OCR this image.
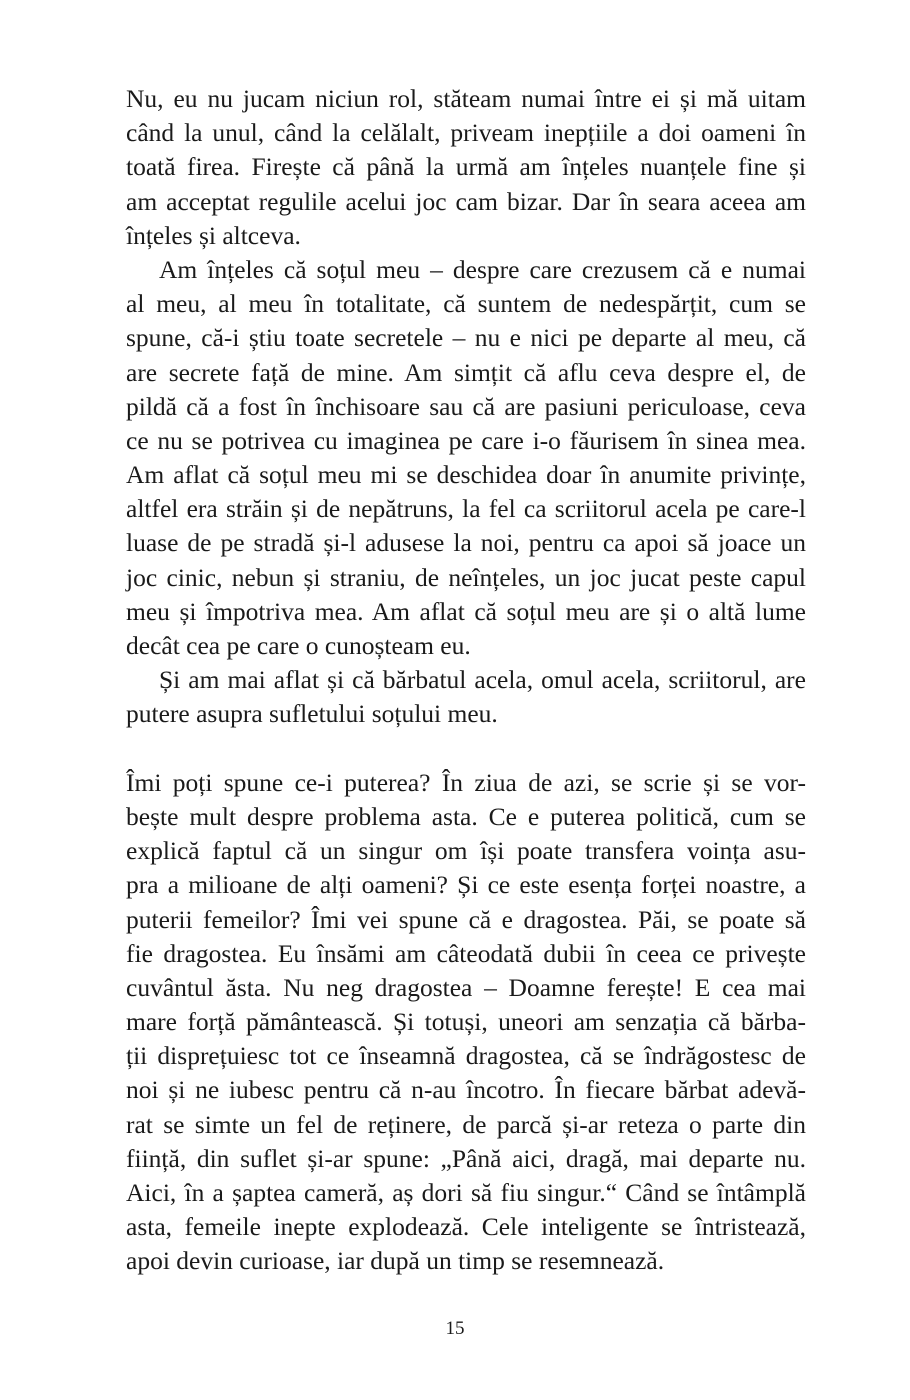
Nu, eu nu jucam niciun rol, stăteam numai între ei și mă uitam
când la unul, când la celălalt, priveam inepțiile a doi oameni în
toată firea. Firește că până la urmă am înțeles nuanțele fine și
am acceptat regulile acelui joc cam bizar. Dar în seara aceea am
înțeles și altceva.
Am înțeles că soțul meu – despre care crezusem că e numai
al meu, al meu în totalitate, că suntem de nedespărțit, cum se
spune, că-i știu toate secretele – nu e nici pe departe al meu, că
are secrete față de mine. Am simțit că aflu ceva despre el, de
pildă că a fost în închisoare sau că are pasiuni periculoase, ceva
ce nu se potrivea cu imaginea pe care i-o făurisem în sinea mea.
Am aflat că soțul meu mi se deschidea doar în anumite privințe,
altfel era străin și de nepătruns, la fel ca scriitorul acela pe care-l
luase de pe stradă și-l adusese la noi, pentru ca apoi să joace un
joc cinic, nebun și straniu, de neînțeles, un joc jucat peste capul
meu și împotriva mea. Am aflat că soțul meu are și o altă lume
decât cea pe care o cunoșteam eu.
Și am mai aflat și că bărbatul acela, omul acela, scriitorul, are
putere asupra sufletului soțului meu.
Îmi poți spune ce-i puterea? În ziua de azi, se scrie și se vor-
bește mult despre problema asta. Ce e puterea politică, cum se
explică faptul că un singur om își poate transfera voința asu-
pra a milioane de alți oameni? Și ce este esența forței noastre, a
puterii femeilor? Îmi vei spune că e dragostea. Păi, se poate să
fie dragostea. Eu însămi am câteodată dubii în ceea ce privește
cuvântul ăsta. Nu neg dragostea – Doamne ferește! E cea mai
mare forță pământească. Și totuși, uneori am senzația că bărba-
ții disprețuiesc tot ce înseamnă dragostea, că se îndrăgostesc de
noi și ne iubesc pentru că n-au încotro. În fiecare bărbat adevă-
rat se simte un fel de reținere, de parcă și-ar reteza o parte din
ființă, din suflet și-ar spune: „Până aici, dragă, mai departe nu.
Aici, în a șaptea cameră, aș dori să fiu singur.“ Când se întâmplă
asta, femeile inepte explodează. Cele inteligente se întristează,
apoi devin curioase, iar după un timp se resemnează.
15
